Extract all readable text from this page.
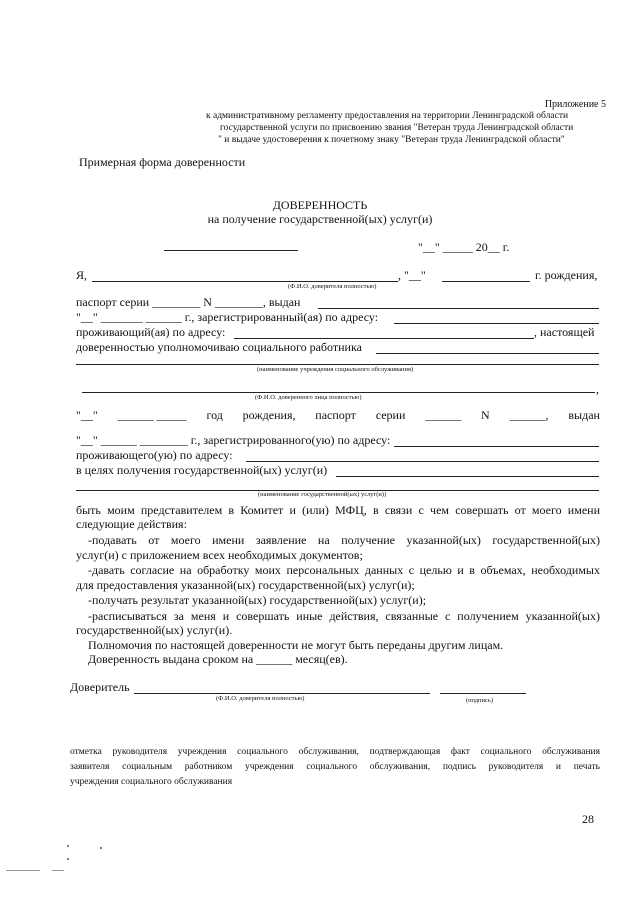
Приложение 5
к административному регламенту предоставления на территории Ленинградской области
государственной услуги по присвоению звания "Ветеран труда Ленинградской области
" и выдаче удостоверения к почетному знаку "Ветеран труда Ленинградской области"
Примерная форма доверенности
ДОВЕРЕННОСТЬ
на получение государственной(ых) услуг(и)
"__" _____ 20__ г.
Я,	, "__"	г. рождения,
(Ф.И.О. доверителя полностью)
паспорт серии ________ N ________, выдан
"__" _______ ______ г., зарегистрированный(ая) по адресу:
проживающий(ая) по адресу:	, настоящей
доверенностью уполномочиваю социального работника
(наименование учреждения социального обслуживания)
,
(Ф.И.О. доверенного лица полностью)
"__" ______ _____ год рождения, паспорт серии ______ N ______, выдан
"__" ______ ________ г., зарегистрированного(ую) по адресу:
проживающего(ую) по адресу:
в целях получения государственной(ых) услуг(и)
(наименование государственной(ых) услуг(и))
быть моим представителем в Комитет и (или) МФЦ, в связи с чем совершать от моего имени
следующие действия:
-подавать от моего имени заявление на получение указанной(ых) государственной(ых)
услуг(и) с приложением всех необходимых документов;
-давать согласие на обработку моих персональных данных с целью и в объемах, необходимых
для предоставления указанной(ых) государственной(ых) услуг(и);
-получать результат указанной(ых) государственной(ых) услуг(и);
-расписываться за меня и совершать иные действия, связанные с получением указанной(ых)
государственной(ых) услуг(и).
Полномочия по настоящей доверенности не могут быть переданы другим лицам.
Доверенность выдана сроком на ______ месяц(ев).
Доверитель
(Ф.И.О. доверителя полностью)	(подпись)
отметка руководителя учреждения социального обслуживания, подтверждающая факт социального обслуживания
заявителя социальным работником учреждения социального обслуживания, подпись руководителя и печать
учреждения социального обслуживания
28
